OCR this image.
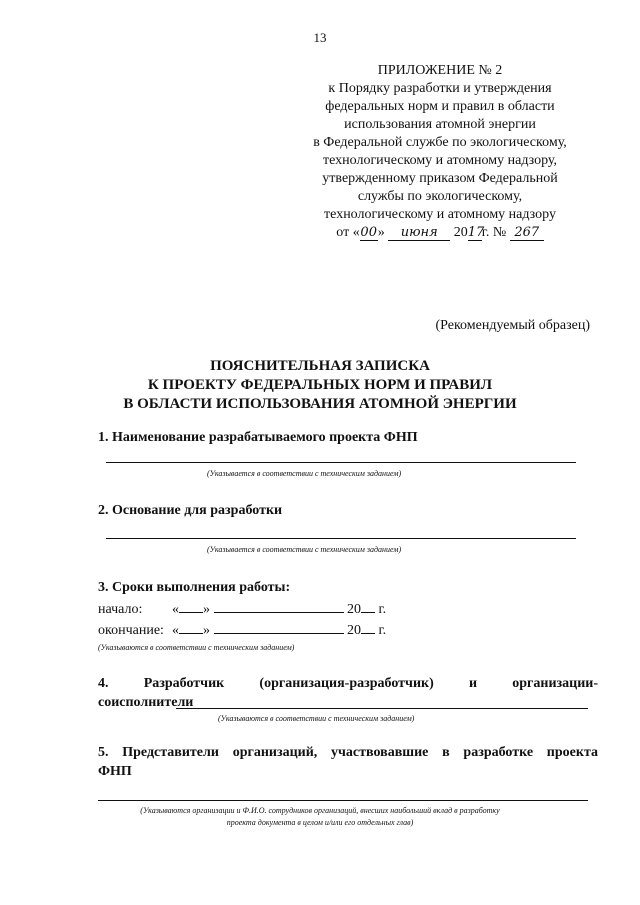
13
ПРИЛОЖЕНИЕ № 2
к Порядку разработки и утверждения
федеральных норм и правил в области
использования атомной энергии
в Федеральной службе по экологическому,
технологическому и атомному надзору,
утвержденному приказом Федеральной
службы по экологическому,
технологическому и атомному надзору
от «00» июня 2017г. № 267
(Рекомендуемый образец)
ПОЯСНИТЕЛЬНАЯ ЗАПИСКА
К ПРОЕКТУ ФЕДЕРАЛЬНЫХ НОРМ И ПРАВИЛ
В ОБЛАСТИ ИСПОЛЬЗОВАНИЯ АТОМНОЙ ЭНЕРГИИ
1. Наименование разрабатываемого проекта ФНП
(Указывается в соответствии с техническим заданием)
2. Основание для разработки
(Указывается в соответствии с техническим заданием)
3. Сроки выполнения работы:
начало: « »	20 г.
окончание: « »	20 г.
(Указываются в соответствии с техническим заданием)
4.	Разработчик	(организация-разработчик)	и	организации-
соисполнители
(Указываются в соответствии с техническим заданием)
5. Представители организаций, участвовавшие в разработке проекта
ФНП
(Указываются организации и Ф.И.О. сотрудников организаций, внесших наибольший вклад в разработку
проекта документа в целом и/или его отдельных глав)
